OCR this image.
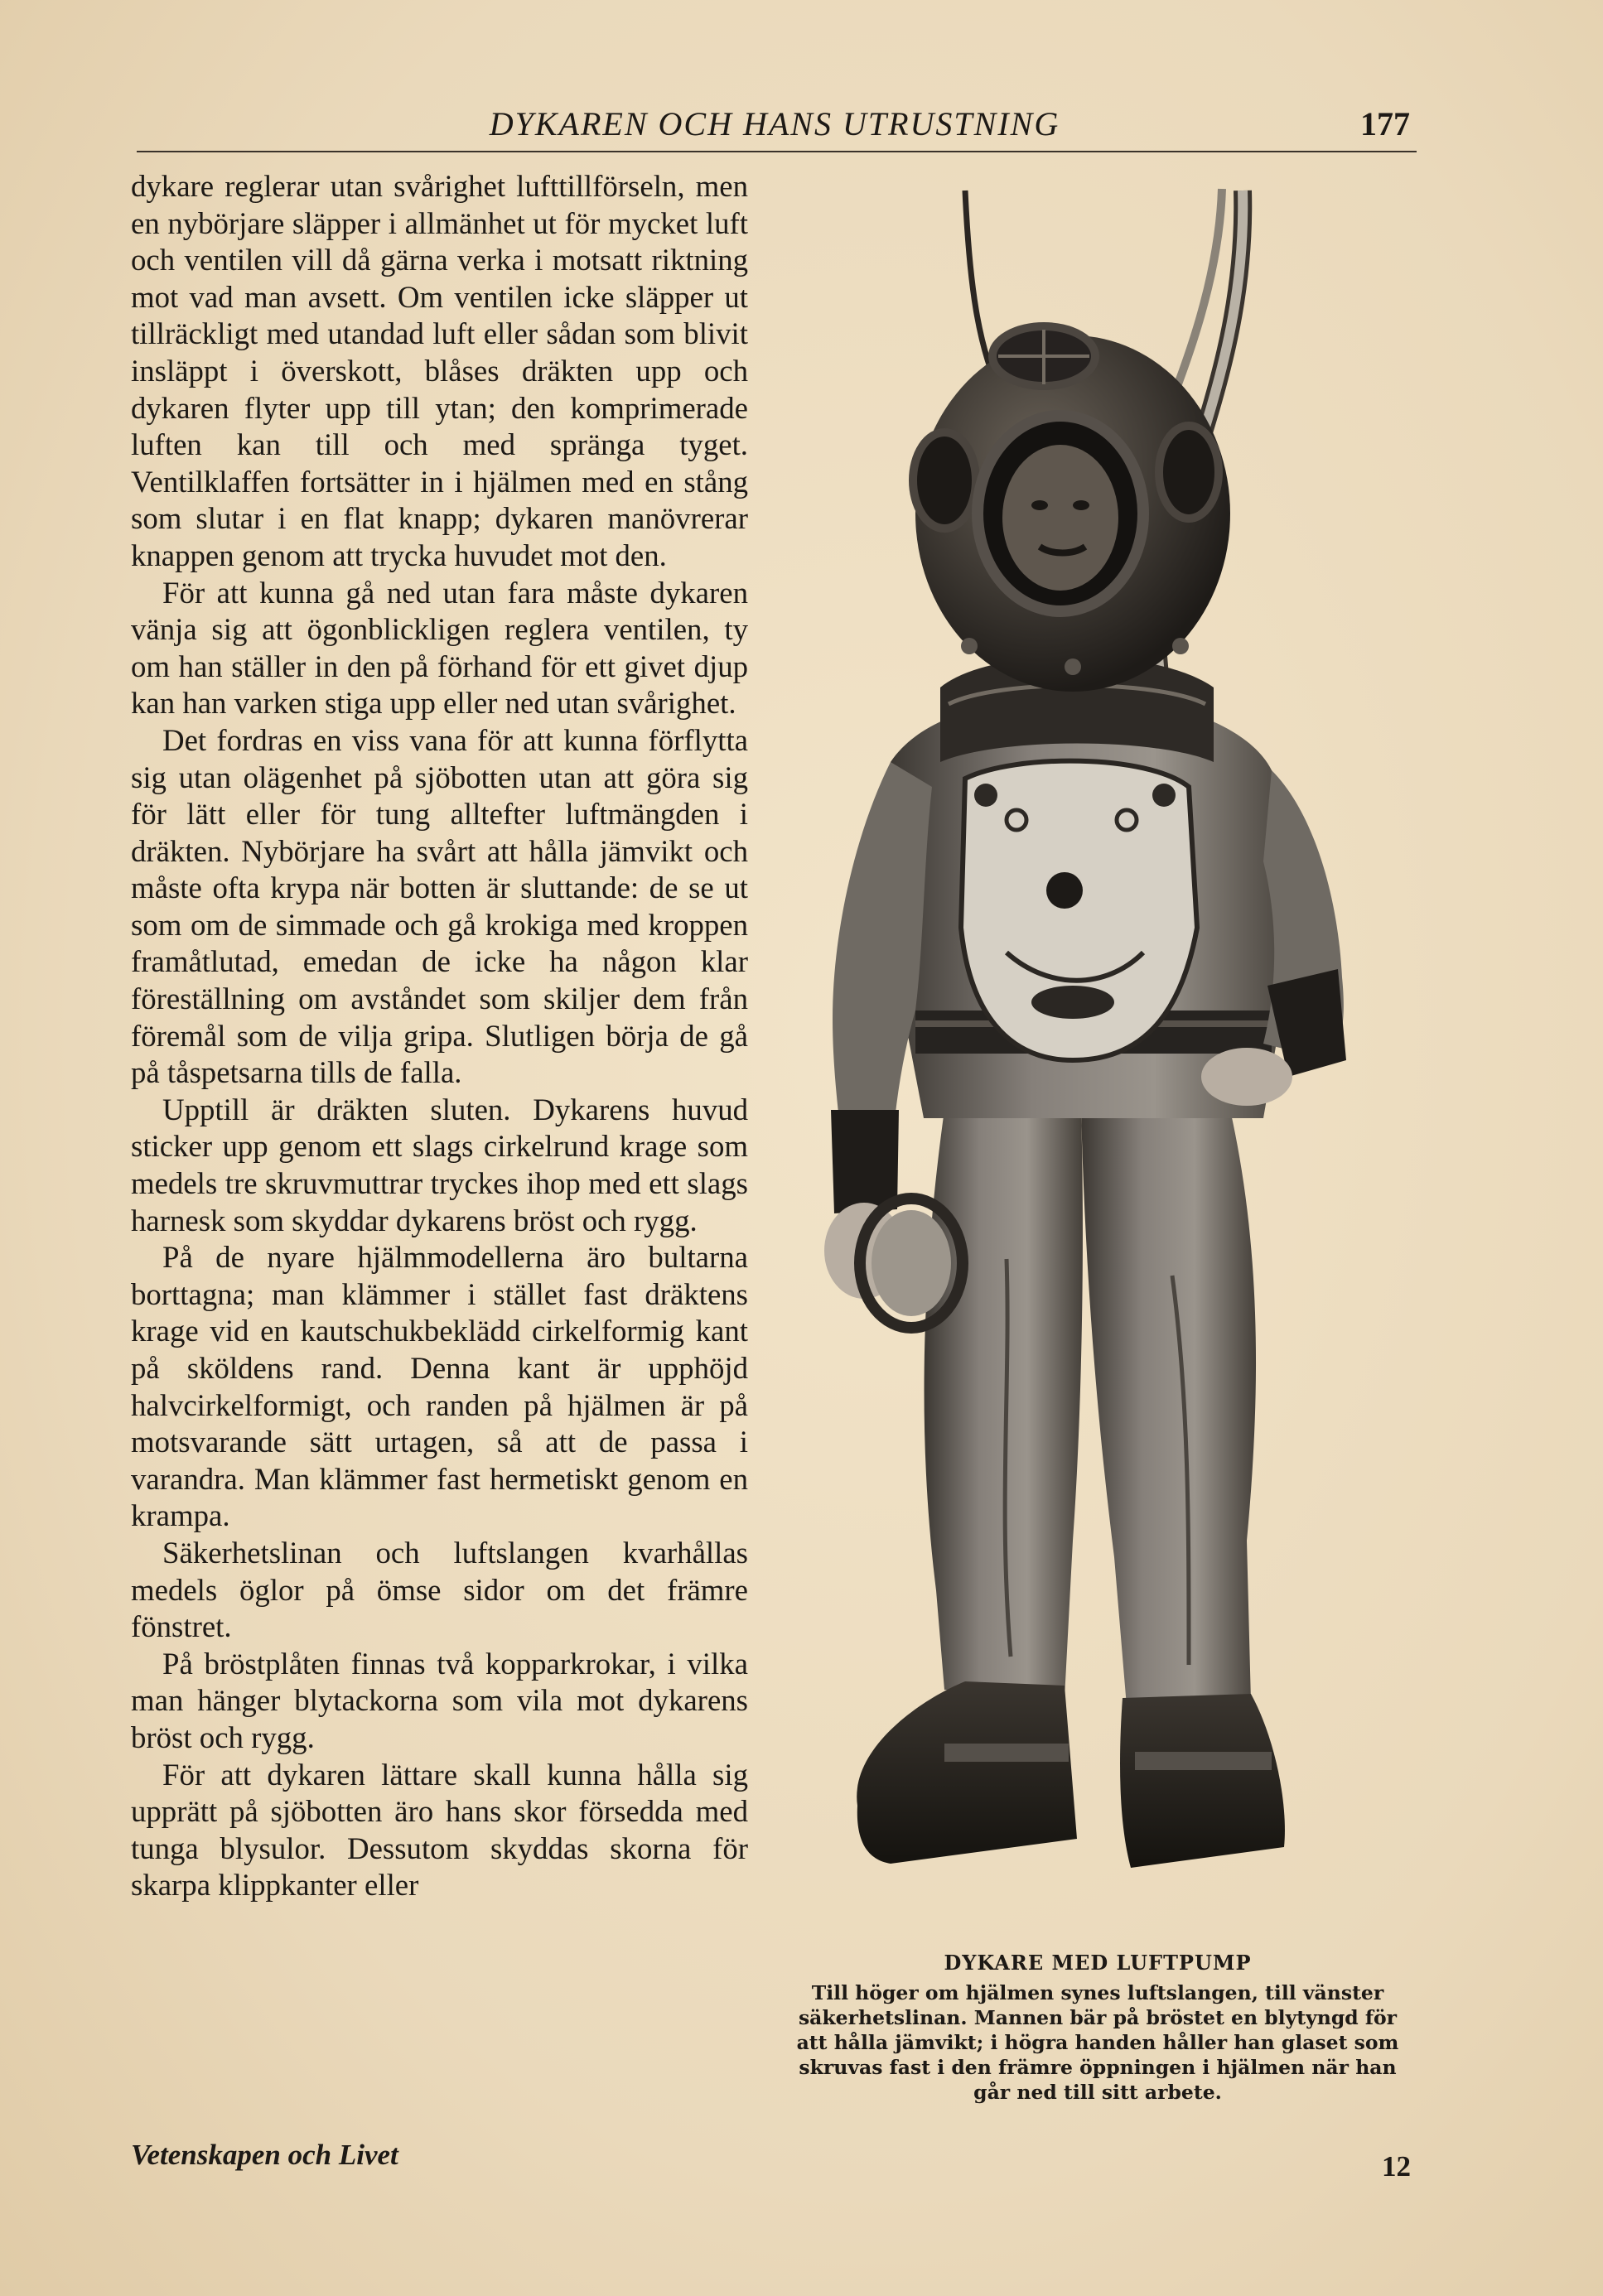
DYKAREN OCH HANS UTRUSTNING	177

dykare reglerar utan svårighet lufttillförseln, men en nybörjare släpper i allmänhet ut för mycket luft och ventilen vill då gärna verka i motsatt riktning mot vad man avsett. Om ventilen icke släpper ut tillräckligt med utandad luft eller sådan som blivit insläppt i överskott, blåses dräkten upp och dykaren flyter upp till ytan; den komprimerade luften kan till och med spränga tyget. Ventilklaffen fortsätter in i hjälmen med en stång som slutar i en flat knapp; dykaren manövrerar knappen genom att trycka huvudet mot den.

För att kunna gå ned utan fara måste dykaren vänja sig att ögonblickligen reglera ventilen, ty om han ställer in den på förhand för ett givet djup kan han varken stiga upp eller ned utan svårighet.

Det fordras en viss vana för att kunna förflytta sig utan olägenhet på sjöbotten utan att göra sig för lätt eller för tung alltefter luftmängden i dräkten. Nybörjare ha svårt att hålla jämvikt och måste ofta krypa när botten är sluttande: de se ut som om de simmade och gå krokiga med kroppen framåtlutad, emedan de icke ha någon klar föreställning om avståndet som skiljer dem från föremål som de vilja gripa. Slutligen börja de gå på tåspetsarna tills de falla.

Upptill är dräkten sluten. Dykarens huvud sticker upp genom ett slags cirkelrund krage som medels tre skruvmuttrar tryckes ihop med ett slags harnesk som skyddar dykarens bröst och rygg.

På de nyare hjälmmodellerna äro bultarna borttagna; man klämmer i stället fast dräktens krage vid en kautschukbeklädd cirkelformig kant på sköldens rand. Denna kant är upphöjd halvcirkelformigt, och randen på hjälmen är på motsvarande sätt urtagen, så att de passa i varandra. Man klämmer fast hermetiskt genom en krampa.

Säkerhetslinan och luftslangen kvarhållas medels öglor på ömse sidor om det främre fönstret.

På bröstplåten finnas två kopparkrokar, i vilka man hänger blytackorna som vila mot dykarens bröst och rygg.

För att dykaren lättare skall kunna hålla sig upprätt på sjöbotten äro hans skor försedda med tunga blysulor. Dessutom skyddas skorna för skarpa klippkanter eller

DYKARE MED LUFTPUMP
Till höger om hjälmen synes luftslangen, till vänster säkerhetslinan. Mannen bär på bröstet en blytyngd för att hålla jämvikt; i högra handen håller han glaset som skruvas fast i den främre öppningen i hjälmen när han går ned till sitt arbete.
Vetenskapen och Livet	12
